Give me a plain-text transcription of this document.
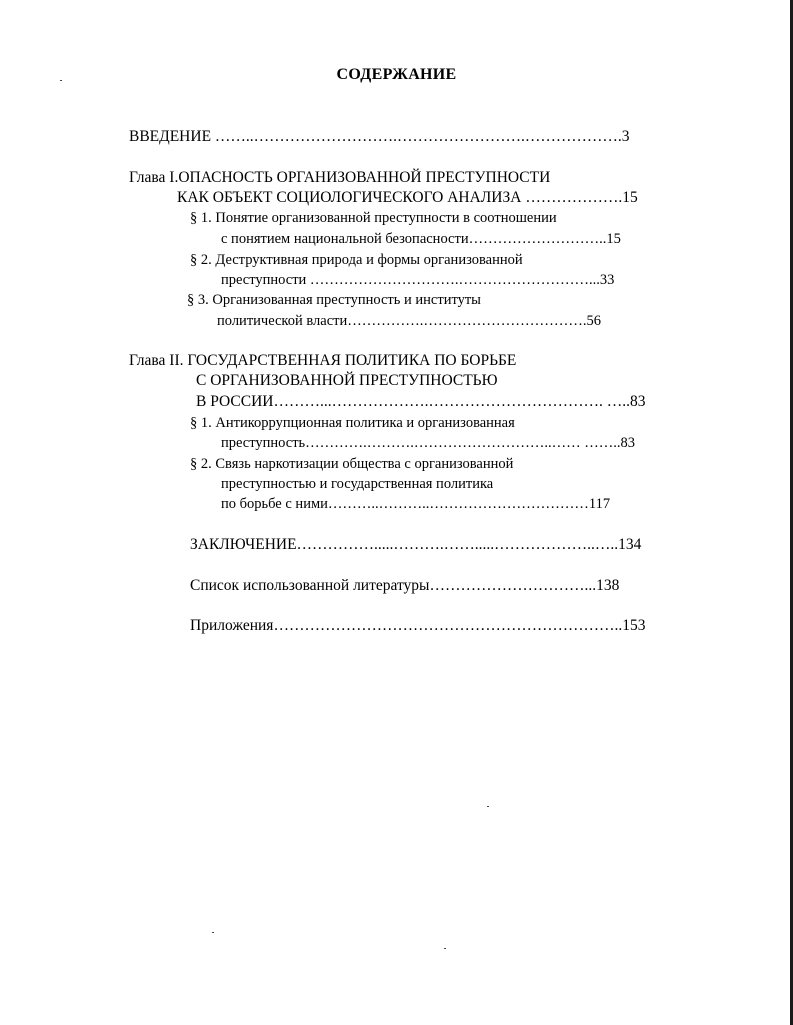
СОДЕРЖАНИЕ
ВВЕДЕНИЕ ……..……………………….…………………….……………….3
Глава I.ОПАСНОСТЬ ОРГАНИЗОВАННОЙ ПРЕСТУПНОСТИ
КАК ОБЪЕКТ СОЦИОЛОГИЧЕСКОГО АНАЛИЗА ……………….15
§ 1. Понятие организованной преступности в соотношении
с понятием национальной безопасности………………………..15
§ 2. Деструктивная природа и формы организованной
преступности ………………………….………………………...33
§ 3. Организованная преступность и институты
политической власти…………….…………………………….56
Глава II. ГОСУДАРСТВЕННАЯ ПОЛИТИКА ПО БОРЬБЕ
С ОРГАНИЗОВАННОЙ ПРЕСТУПНОСТЬЮ
В РОССИИ………...……………….……………………………. …..83
§ 1. Антикоррупционная политика и организованная
преступность………….……….………………………..…… ……..83
§ 2. Связь наркотизации общества с организованной
преступностью и государственная политика
по борьбе с ними………..………..……………………………117
ЗАКЛЮЧЕНИЕ…………….....……….…….....………………..…..134
Список использованной литературы…………………………...138
Приложения…………………………………………………………..153
